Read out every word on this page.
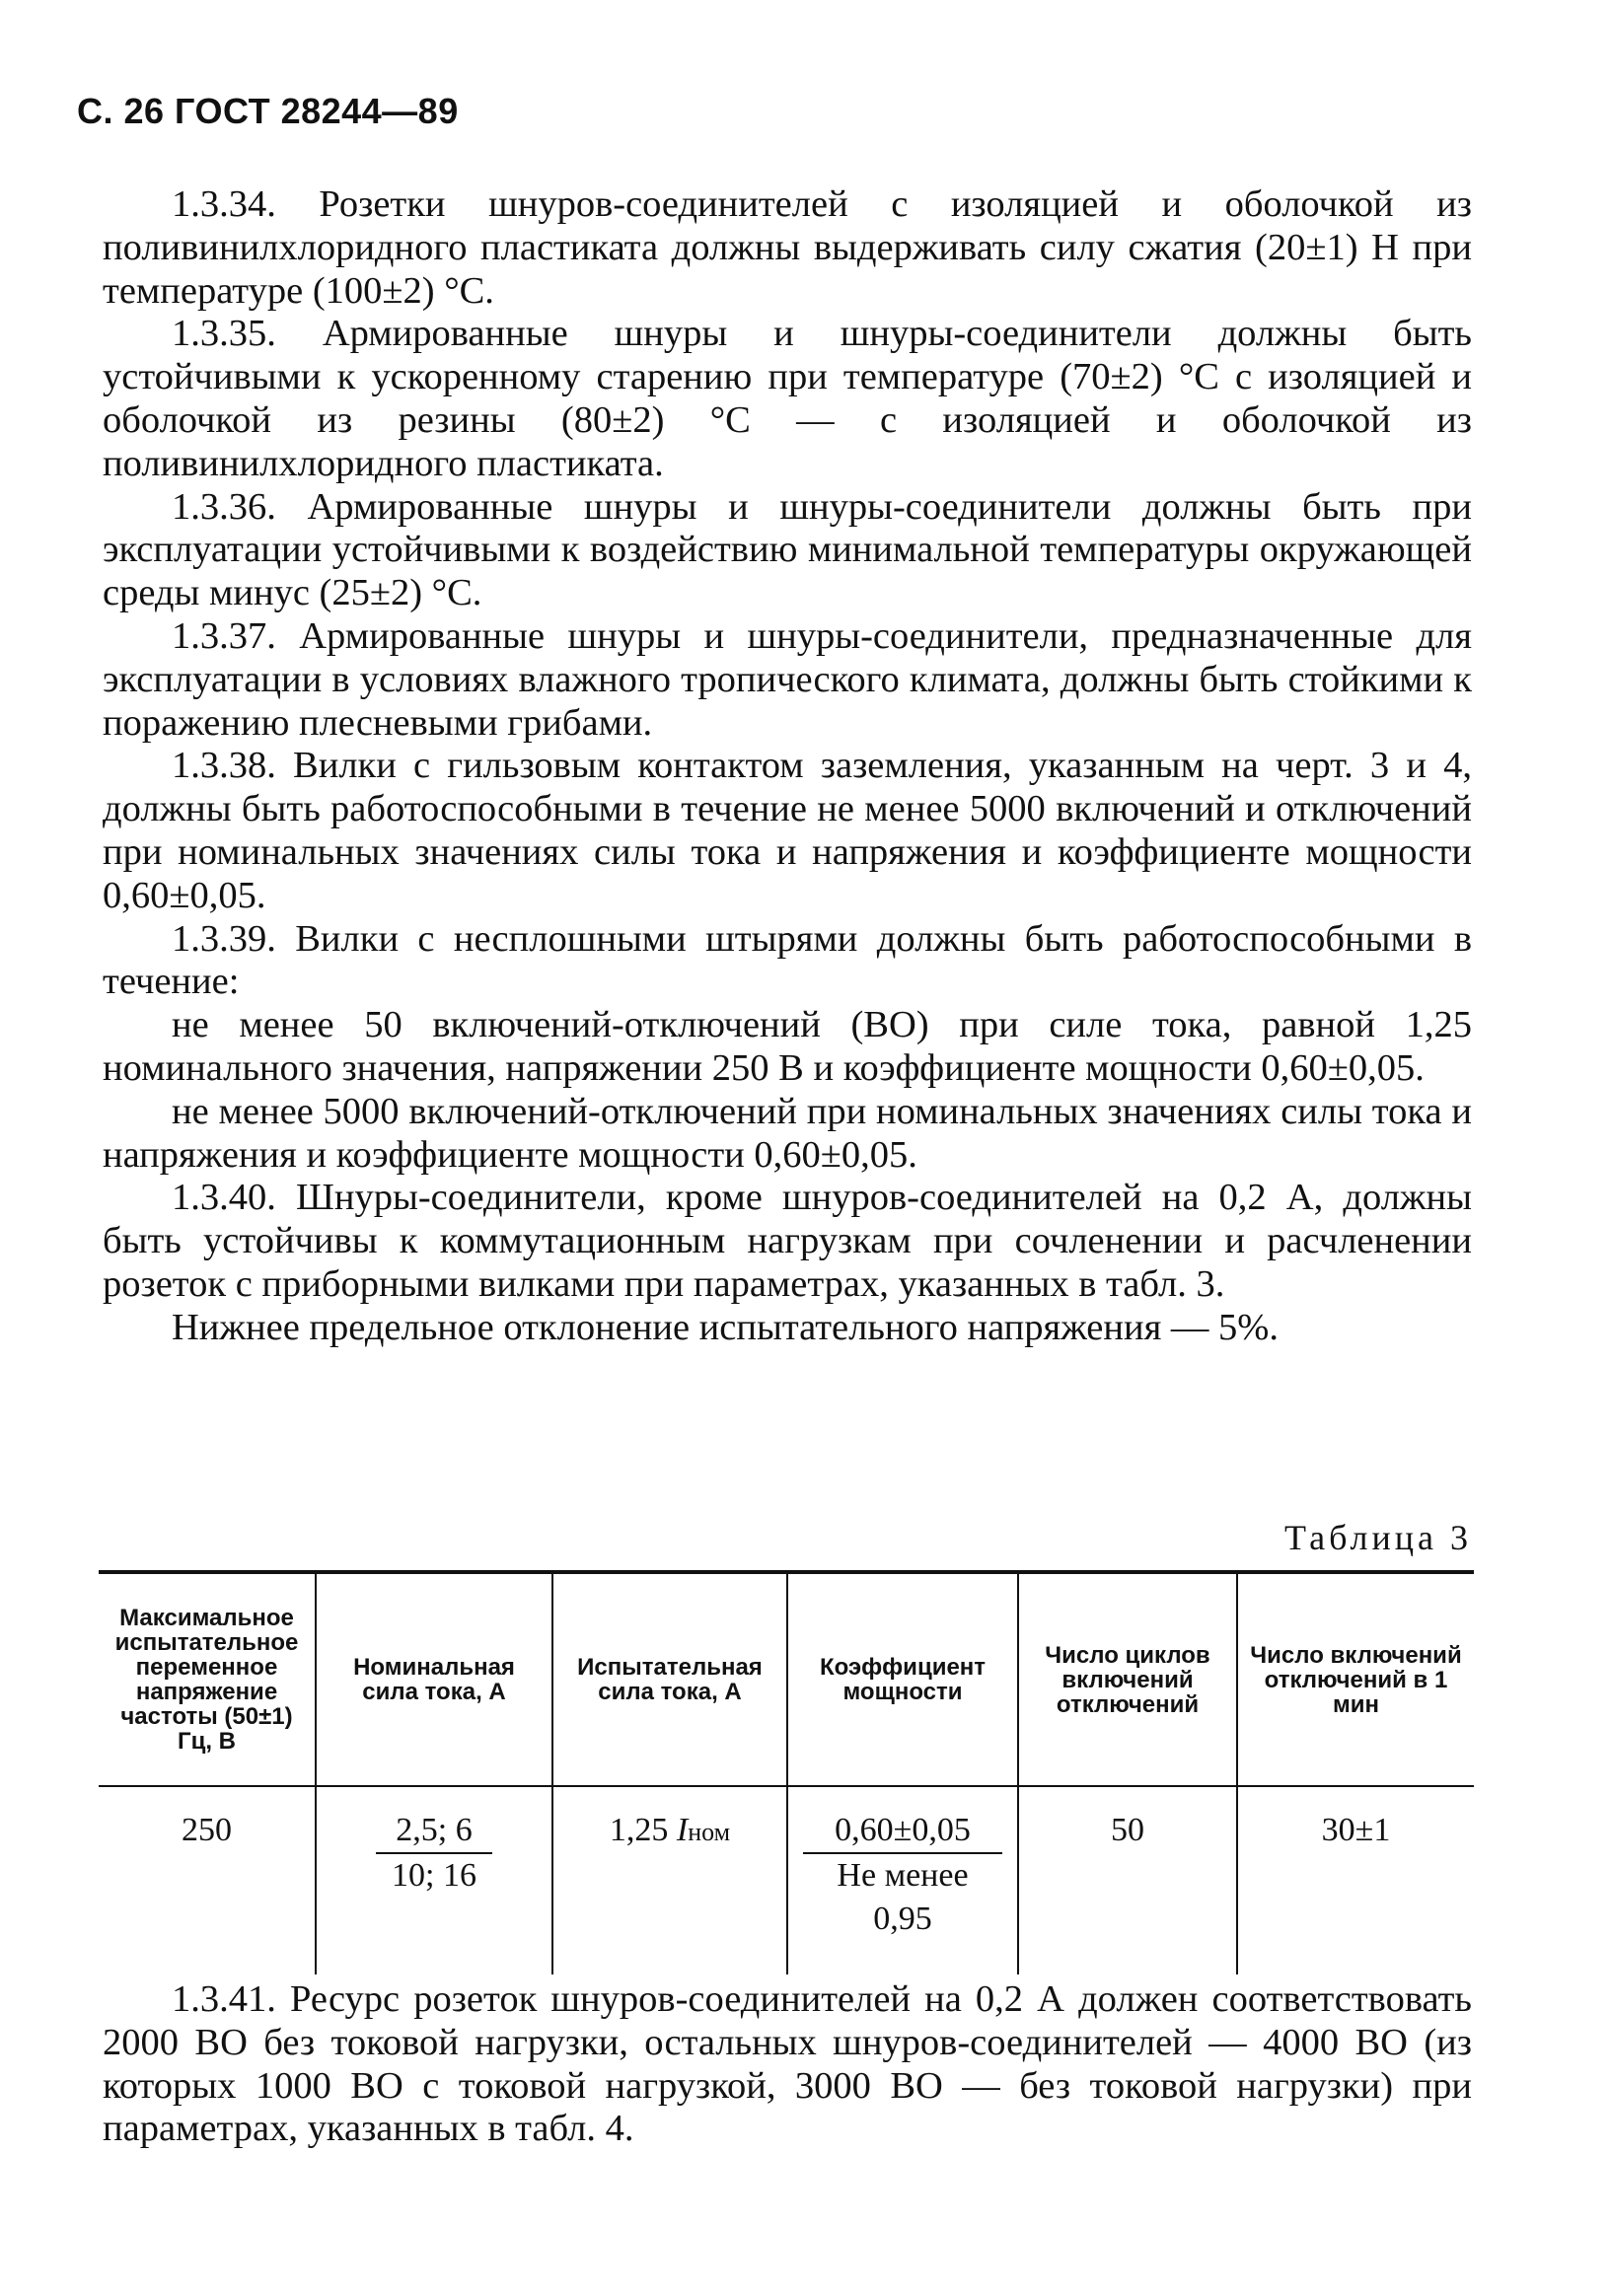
С. 26 ГОСТ 28244—89

1.3.34. Розетки шнуров-соединителей с изоляцией и оболочкой из поливинилхлоридного пластиката должны выдерживать силу сжатия (20±1) Н при температуре (100±2) °С.

1.3.35. Армированные шнуры и шнуры-соединители должны быть устойчивыми к ускоренному старению при температуре (70±2) °С с изоляцией и оболочкой из резины (80±2) °С — с изоляцией и оболочкой из поливинилхлоридного пластиката.

1.3.36. Армированные шнуры и шнуры-соединители должны быть при эксплуатации устойчивыми к воздействию минимальной температуры окружающей среды минус (25±2) °С.

1.3.37. Армированные шнуры и шнуры-соединители, предназначенные для эксплуатации в условиях влажного тропического климата, должны быть стойкими к поражению плесневыми грибами.

1.3.38. Вилки с гильзовым контактом заземления, указанным на черт. 3 и 4, должны быть работоспособными в течение не менее 5000 включений и отключений при номинальных значениях силы тока и напряжения и коэффициенте мощности 0,60±0,05.

1.3.39. Вилки с несплошными штырями должны быть работоспособными в течение:

не менее 50 включений-отключений (ВО) при силе тока, равной 1,25 номинального значения, напряжении 250 В и коэффициенте мощности 0,60±0,05.

не менее 5000 включений-отключений при номинальных значениях силы тока и напряжения и коэффициенте мощности 0,60±0,05.

1.3.40. Шнуры-соединители, кроме шнуров-соединителей на 0,2 А, должны быть устойчивы к коммутационным нагрузкам при сочленении и расчленении розеток с приборными вилками при параметрах, указанных в табл. 3.

Нижнее предельное отклонение испытательного напряжения — 5%.

Таблица 3
Максимальное испытательное переменное напряжение частоты (50±1) Гц, В	Номинальная сила тока, А	Испытательная сила тока, А	Коэффициент мощности	Число циклов включений отключений	Число включений отключений в 1 мин
250	$\frac{2,5; 6}{10; 16}$	1,25 Iном	$\frac{0,60\pm 0,05}{\text{Не менее 0,95}}$	50	30±1

1.3.41. Ресурс розеток шнуров-соединителей на 0,2 А должен соответствовать 2000 ВО без токовой нагрузки, остальных шнуров-соединителей — 4000 ВО (из которых 1000 ВО с токовой нагрузкой, 3000 ВО — без токовой нагрузки) при параметрах, указанных в табл. 4.
